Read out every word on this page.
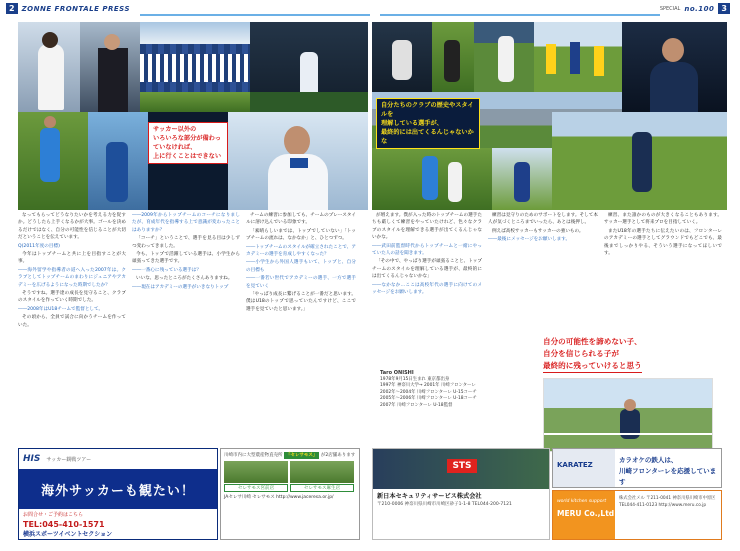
2	ZONNE FRONTALE PRESS	SPECIAL no.100 3
サッカー以外の
いろいろな部分が備わっていなければ、
上に行くことはできない
自分たちのクラブの歴史やスタイルを
理解している選手が、
最終的には出てくるんじゃないかな

なってもらってどうなりたいかを考える力を促すか。どうしたら上手くなるかが大事。ゴールを決めるだけではなく、自分の可能性を信じることが大切だということを伝えています。

Q(2011年度の目標)

今年はトップチームと共に上を目指すことが大事。

――海外留学や指導者の道へ入った2007年は。クラブとしてトップチームのまわりにジュニアやアカデミーを広げるようになった時期でしたか？

そうですね。選手達の成長を見守ること、クラブのスタイルを作っていく時期でした。

――2008年はU18チームで監督として。

その頃から、全員で試合に向かうチームを作っていた。

――2009年からトップチームのコーチになりましたが、育成年代を指導する上で意識が変わったことはありますか？

「コーチ」ということで、選手を見る目は少しずつ変わってきました。

今も、トップで活躍している選手は、小学生から頑張ってきた選手です。

――一番心に残っている選手は？

いいな、思ったところがたくさんありますね。

――現在はアカデミーの選手がいきなりトップ

チームの練習に参加しても、チームのプレースタイルに溶け込んでいる印象です。

「素晴らしいまでは、トップでしていない」「トップチームの流れは、なかなか」と、ひとつずつ。

――トップチームのスタイルが確立されたことで、アカデミーの選手を育成しやすくなった？

――小学生から外国人選手もいて、トップと、自分の目標も

――一番若い世代でアカデミーの選手、一方で選手を見ていく

「やっぱり成長に繋げることが一番だと思います。僕はU18のトップで思っていたんですけど、ここで選手を見ていたと思います。」

が増えます。僕が入った時のトップチームの選手たちも厳しくて練習をやっていたけれど、色々なクラブのスタイルを理解できる選手が出てくるんじゃないかな。

――武田前監督時代からトップチームと一緒にやっていた人の話を聞きます。

「その中で、やっぱり選手が頑張ることと、トップチームのスタイルを理解している選手が、最終的には出てくるんじゃないかな」

――なかなか…ここは高校年代の選手に向けてのメッセージをお願いします。

練習は見守りのためのサポートをします。そして本人が気づくところまでいったら、あとは後押し。

例えば高校サッカーもサッカーの強いもの。

――最後にメッセージをお願いします。

練習、また誰かのものが大きくなることもあります。サッカー選手として将来プロを目指していく。

またU18年の選手たちに伝えたいのは、フロンターレのアカデミーの選手としてグラウンドでもどこでも、最後までしっかりやる、そういう選手になってほしいです。

Taro ONISHI
1978年9月15日生まれ 東京都出身
1997年 神奈川大学→ 2001年 川崎フロンターレ
2002年～2004年 川崎フロンターレ U-15コーチ
2005年～2006年 川崎フロンターレ U-18コーチ
2007年 川崎フロンターレ U-18監督
自分の可能性を諦めない子、
自分を信じられる子が
最終的に残っていけると思う
HIS サッカー観戦ツアー
海外サッカーも観たい！
お問合せ・ご予約はこちら
TEL:045-410-1571
横浜スポーツイベントセクション
川崎市内に大型農産物直売所 「セレサモス」 が2店舗あります
セレサモス宮前店	セレサモス麻生店
JAセレサ川崎 セレサモス http://www.jaceresa.or.jp/
STS
新日本セキュリティサービス株式会社
〒210-0006 神奈川県川崎市川崎区砂子1-1-8 TEL044-200-7121
KARATEZ
カラオケの鉄人は、
川崎フロンターレを応援しています
world kitchen support
MERU Co.,Ltd
株式会社メル 〒211-0041 神奈川県川崎市中原区 TEL044-411-0123 http://www.meru.co.jp
